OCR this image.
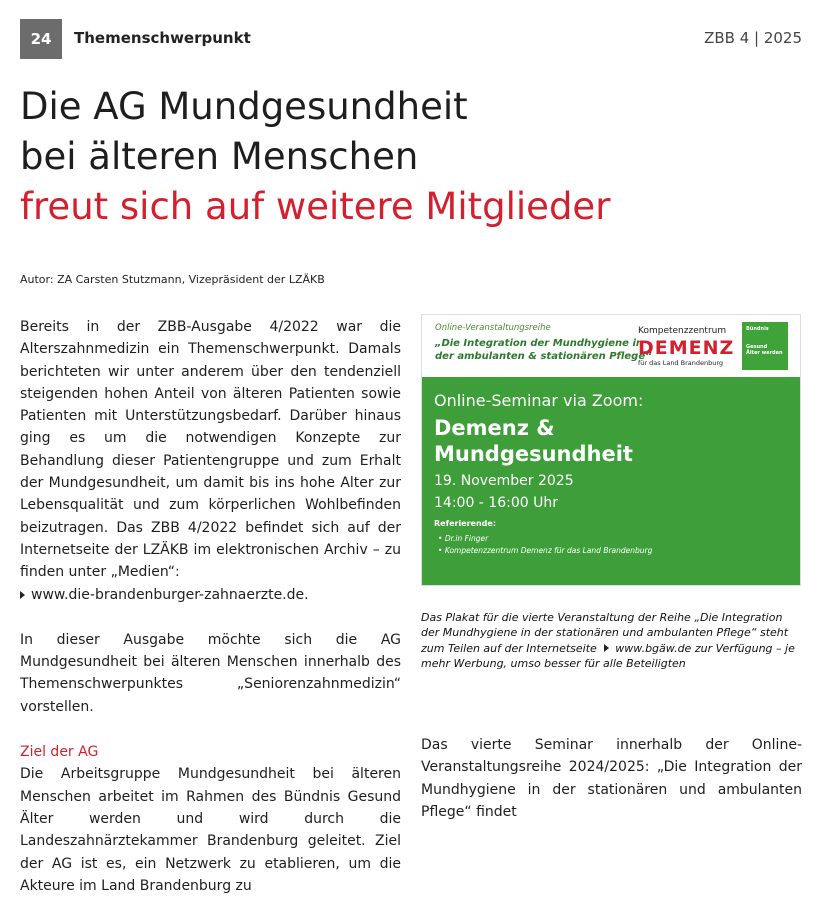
24	Themenschwerpunkt	ZBB 4 | 2025
Die AG Mundgesundheit
bei älteren Menschen
freut sich auf weitere Mitglieder
Autor: ZA Carsten Stutzmann, Vizepräsident der LZÄKB

Bereits in der ZBB-Ausgabe 4/2022 war die Alterszahnmedizin ein Themenschwerpunkt. Damals berichteten wir unter anderem über den tendenziell steigenden hohen Anteil von älteren Patienten sowie Patienten mit Unterstützungsbedarf. Darüber hinaus ging es um die notwendigen Konzepte zur Behandlung dieser Patientengruppe und zum Erhalt der Mundgesundheit, um damit bis ins hohe Alter zur Lebensqualität und zum körperlichen Wohlbefinden beizutragen. Das ZBB 4/2022 befindet sich auf der Internetseite der LZÄKB im elektronischen Archiv – zu finden unter „Medien“:

www.die-brandenburger-zahnaerzte.de.

In dieser Ausgabe möchte sich die AG Mundgesundheit bei älteren Menschen innerhalb des Themenschwerpunktes „Seniorenzahnmedizin“ vorstellen.

Ziel der AG

Die Arbeitsgruppe Mundgesundheit bei älteren Menschen arbeitet im Rahmen des Bündnis Gesund Älter werden und wird durch die Landeszahnärztekammer Brandenburg geleitet. Ziel der AG ist es, ein Netzwerk zu etablieren, um die Akteure im Land Brandenburg zu

Online-Veranstaltungsreihe
„Die Integration der Mundhygiene in der ambulanten & stationären Pflege“
Kompetenzzentrum
DEMENZ
für das Land Brandenburg
Bündnis
Gesund
Älter werden
Online-Seminar via Zoom:
Demenz &
Mundgesundheit
19. November 2025
14:00 - 16:00 Uhr
Referierende:
• Dr.in Finger
• Kompetenzzentrum Demenz für das Land Brandenburg
Das Plakat für die vierte Veranstaltung der Reihe „Die Integration der Mundhygiene in der stationären und ambulanten Pflege“ steht zum Teilen auf der Internetseite www.bgäw.de zur Verfügung – je mehr Werbung, umso besser für alle Beteiligten

Das vierte Seminar innerhalb der Online-Veranstaltungsreihe 2024/2025: „Die Integration der Mundhygiene in der stationären und ambulanten Pflege“ findet
